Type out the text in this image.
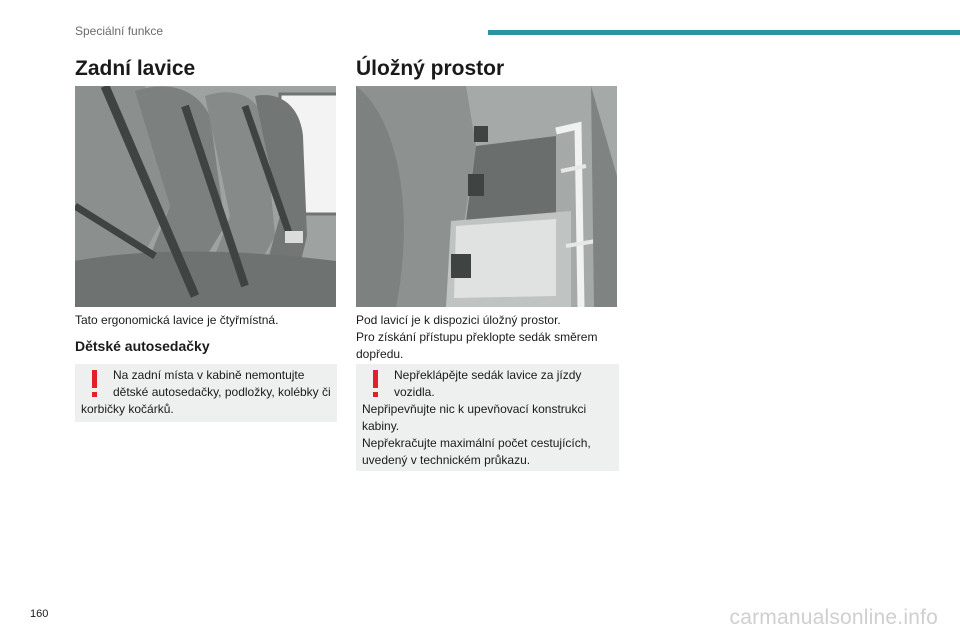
Speciální funkce
Zadní lavice

Tato ergonomická lavice je čtyřmístná.

Dětské autosedačky

Na zadní místa v kabině nemontujte dětské autosedačky, podložky, kolébky či korbičky kočárků.

Úložný prostor
Pod lavicí je k dispozici úložný prostor.
Pro získání přístupu překlopte sedák směrem dopředu.

Nepřeklápějte sedák lavice za jízdy vozidla.

Nepřipevňujte nic k upevňovací konstrukci kabiny.

Nepřekračujte maximální počet cestujících, uvedený v technickém průkazu.

160	carmanualsonline.info
